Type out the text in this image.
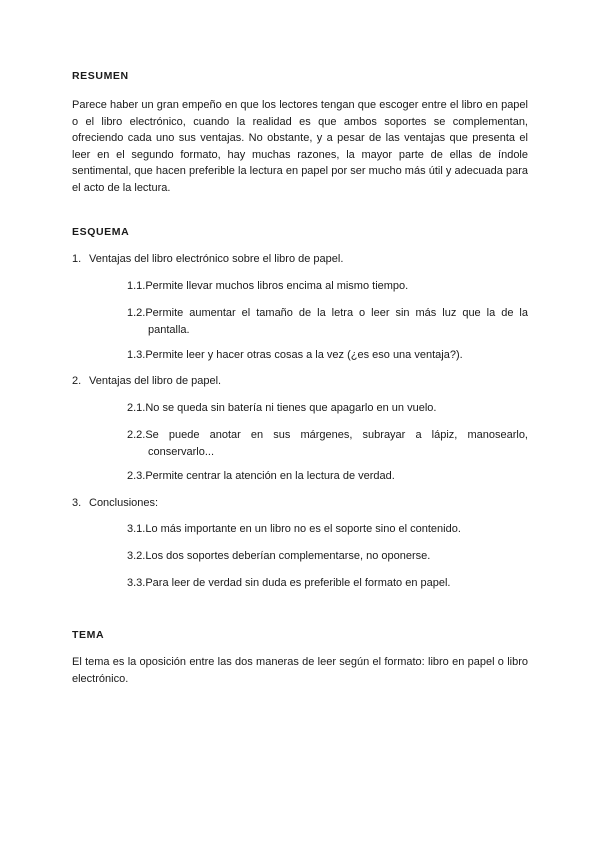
RESUMEN
Parece haber un gran empeño en que los lectores tengan que escoger entre el libro en papel o el libro electrónico, cuando la realidad es que ambos soportes se complementan, ofreciendo cada uno sus ventajas. No obstante, y a pesar de las ventajas que presenta el leer en el segundo formato, hay muchas razones, la mayor parte de ellas de índole sentimental, que hacen preferible la lectura en papel por ser mucho más útil y adecuada para el acto de la lectura.
ESQUEMA
1. Ventajas del libro electrónico sobre el libro de papel.
1.1.Permite llevar muchos libros encima al mismo tiempo.
1.2.Permite aumentar el tamaño de la letra o leer sin más luz que la de la
pantalla.
1.3.Permite leer y hacer otras cosas a la vez (¿es eso una ventaja?).
2. Ventajas del libro de papel.
2.1.No se queda sin batería ni tienes que apagarlo en un vuelo.
2.2.Se puede anotar en sus márgenes, subrayar a lápiz, manosearlo,
conservarlo...
2.3.Permite centrar la atención en la lectura de verdad.
3. Conclusiones:
3.1.Lo más importante en un libro no es el soporte sino el contenido.
3.2.Los dos soportes deberían complementarse, no oponerse.
3.3.Para leer de verdad sin duda es preferible el formato en papel.
TEMA
El tema es la oposición entre las dos maneras de leer según el formato: libro en papel o libro electrónico.
